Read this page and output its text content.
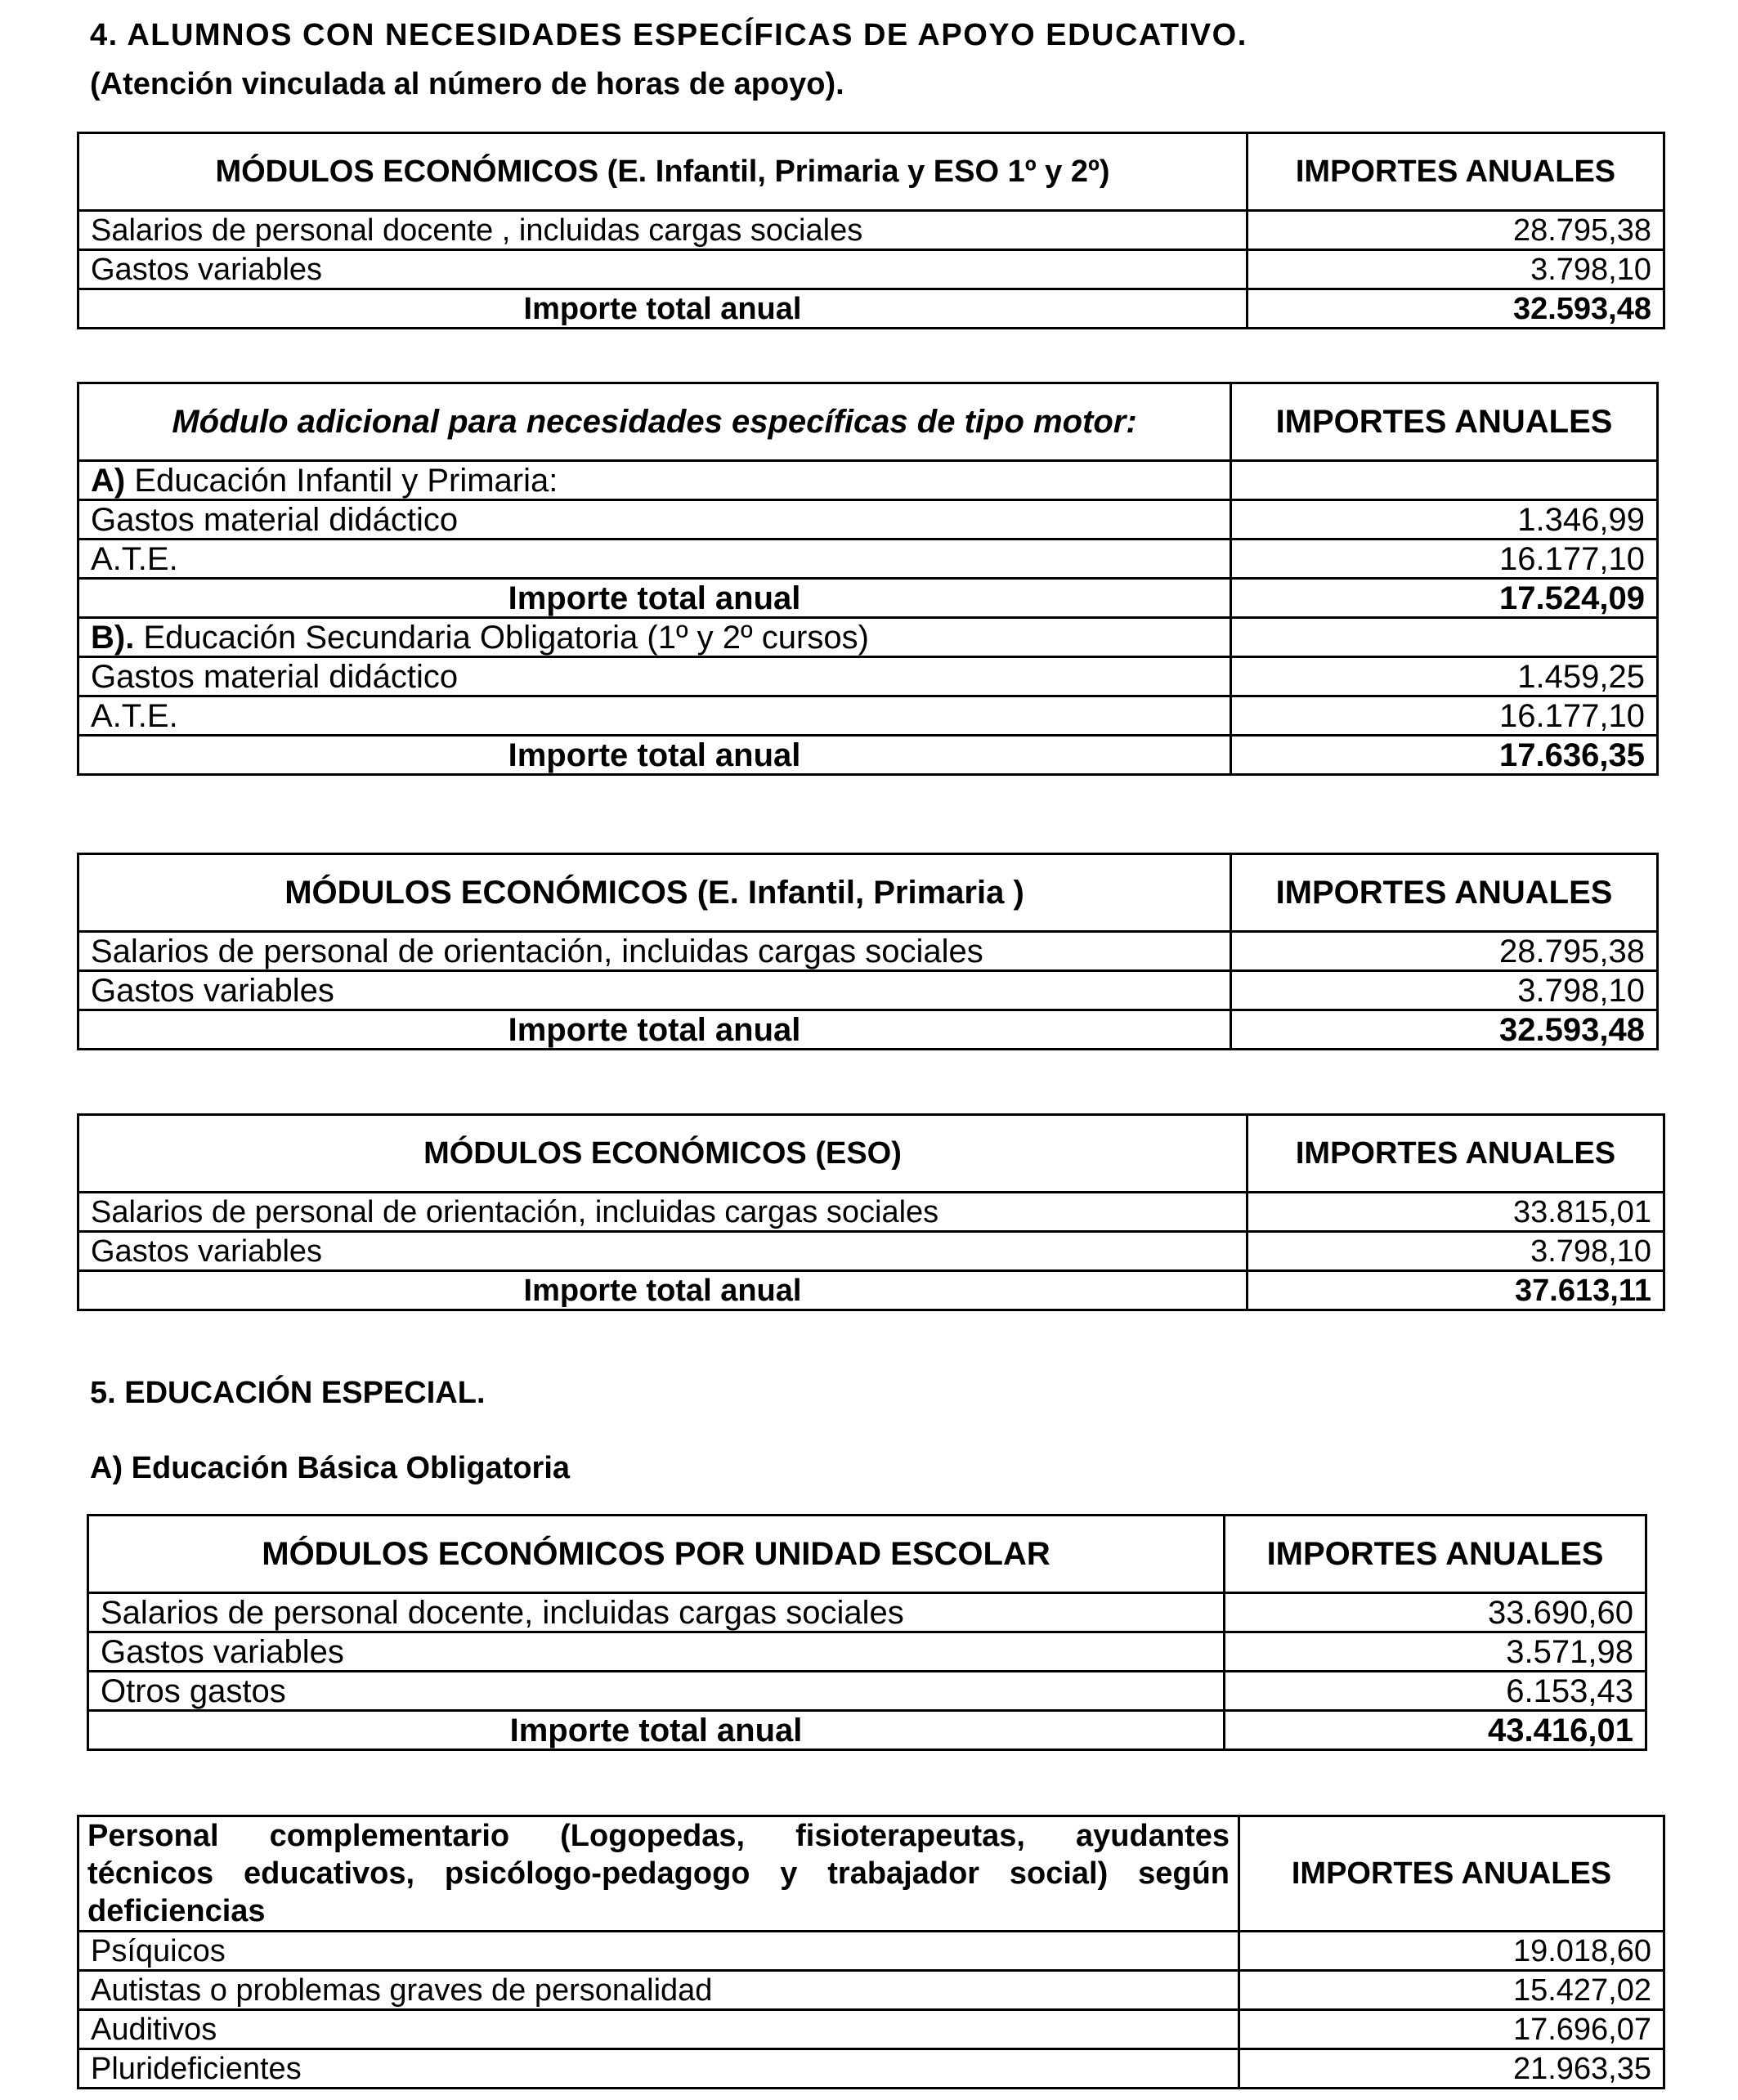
4. ALUMNOS CON NECESIDADES ESPECÍFICAS DE APOYO EDUCATIVO.
(Atención vinculada al número de horas de apoyo).
MÓDULOS ECONÓMICOS (E. Infantil, Primaria y ESO 1º y 2º)	IMPORTES ANUALES
Salarios de personal docente , incluidas cargas sociales	28.795,38
Gastos variables	3.798,10
Importe total anual	32.593,48
Módulo adicional para necesidades específicas de tipo motor:	IMPORTES ANUALES
A) Educación Infantil y Primaria:	
Gastos material didáctico	1.346,99
A.T.E.	16.177,10
Importe total anual	17.524,09
B). Educación Secundaria Obligatoria (1º y 2º cursos)	
Gastos material didáctico	1.459,25
A.T.E.	16.177,10
Importe total anual	17.636,35
MÓDULOS ECONÓMICOS (E. Infantil, Primaria )	IMPORTES ANUALES
Salarios de personal de orientación, incluidas cargas sociales	28.795,38
Gastos variables	3.798,10
Importe total anual	32.593,48
MÓDULOS ECONÓMICOS (ESO)	IMPORTES ANUALES
Salarios de personal de orientación, incluidas cargas sociales	33.815,01
Gastos variables	3.798,10
Importe total anual	37.613,11
5. EDUCACIÓN ESPECIAL.
A) Educación Básica Obligatoria
MÓDULOS ECONÓMICOS POR UNIDAD ESCOLAR	IMPORTES ANUALES
Salarios de personal docente, incluidas cargas sociales	33.690,60
Gastos variables	3.571,98
Otros gastos	6.153,43
Importe total anual	43.416,01
Personal complementario (Logopedas, fisioterapeutas, ayudantes
técnicos educativos, psicólogo-pedagogo y trabajador social) según
deficiencias	IMPORTES ANUALES
Psíquicos	19.018,60
Autistas o problemas graves de personalidad	15.427,02
Auditivos	17.696,07
Plurideficientes	21.963,35
